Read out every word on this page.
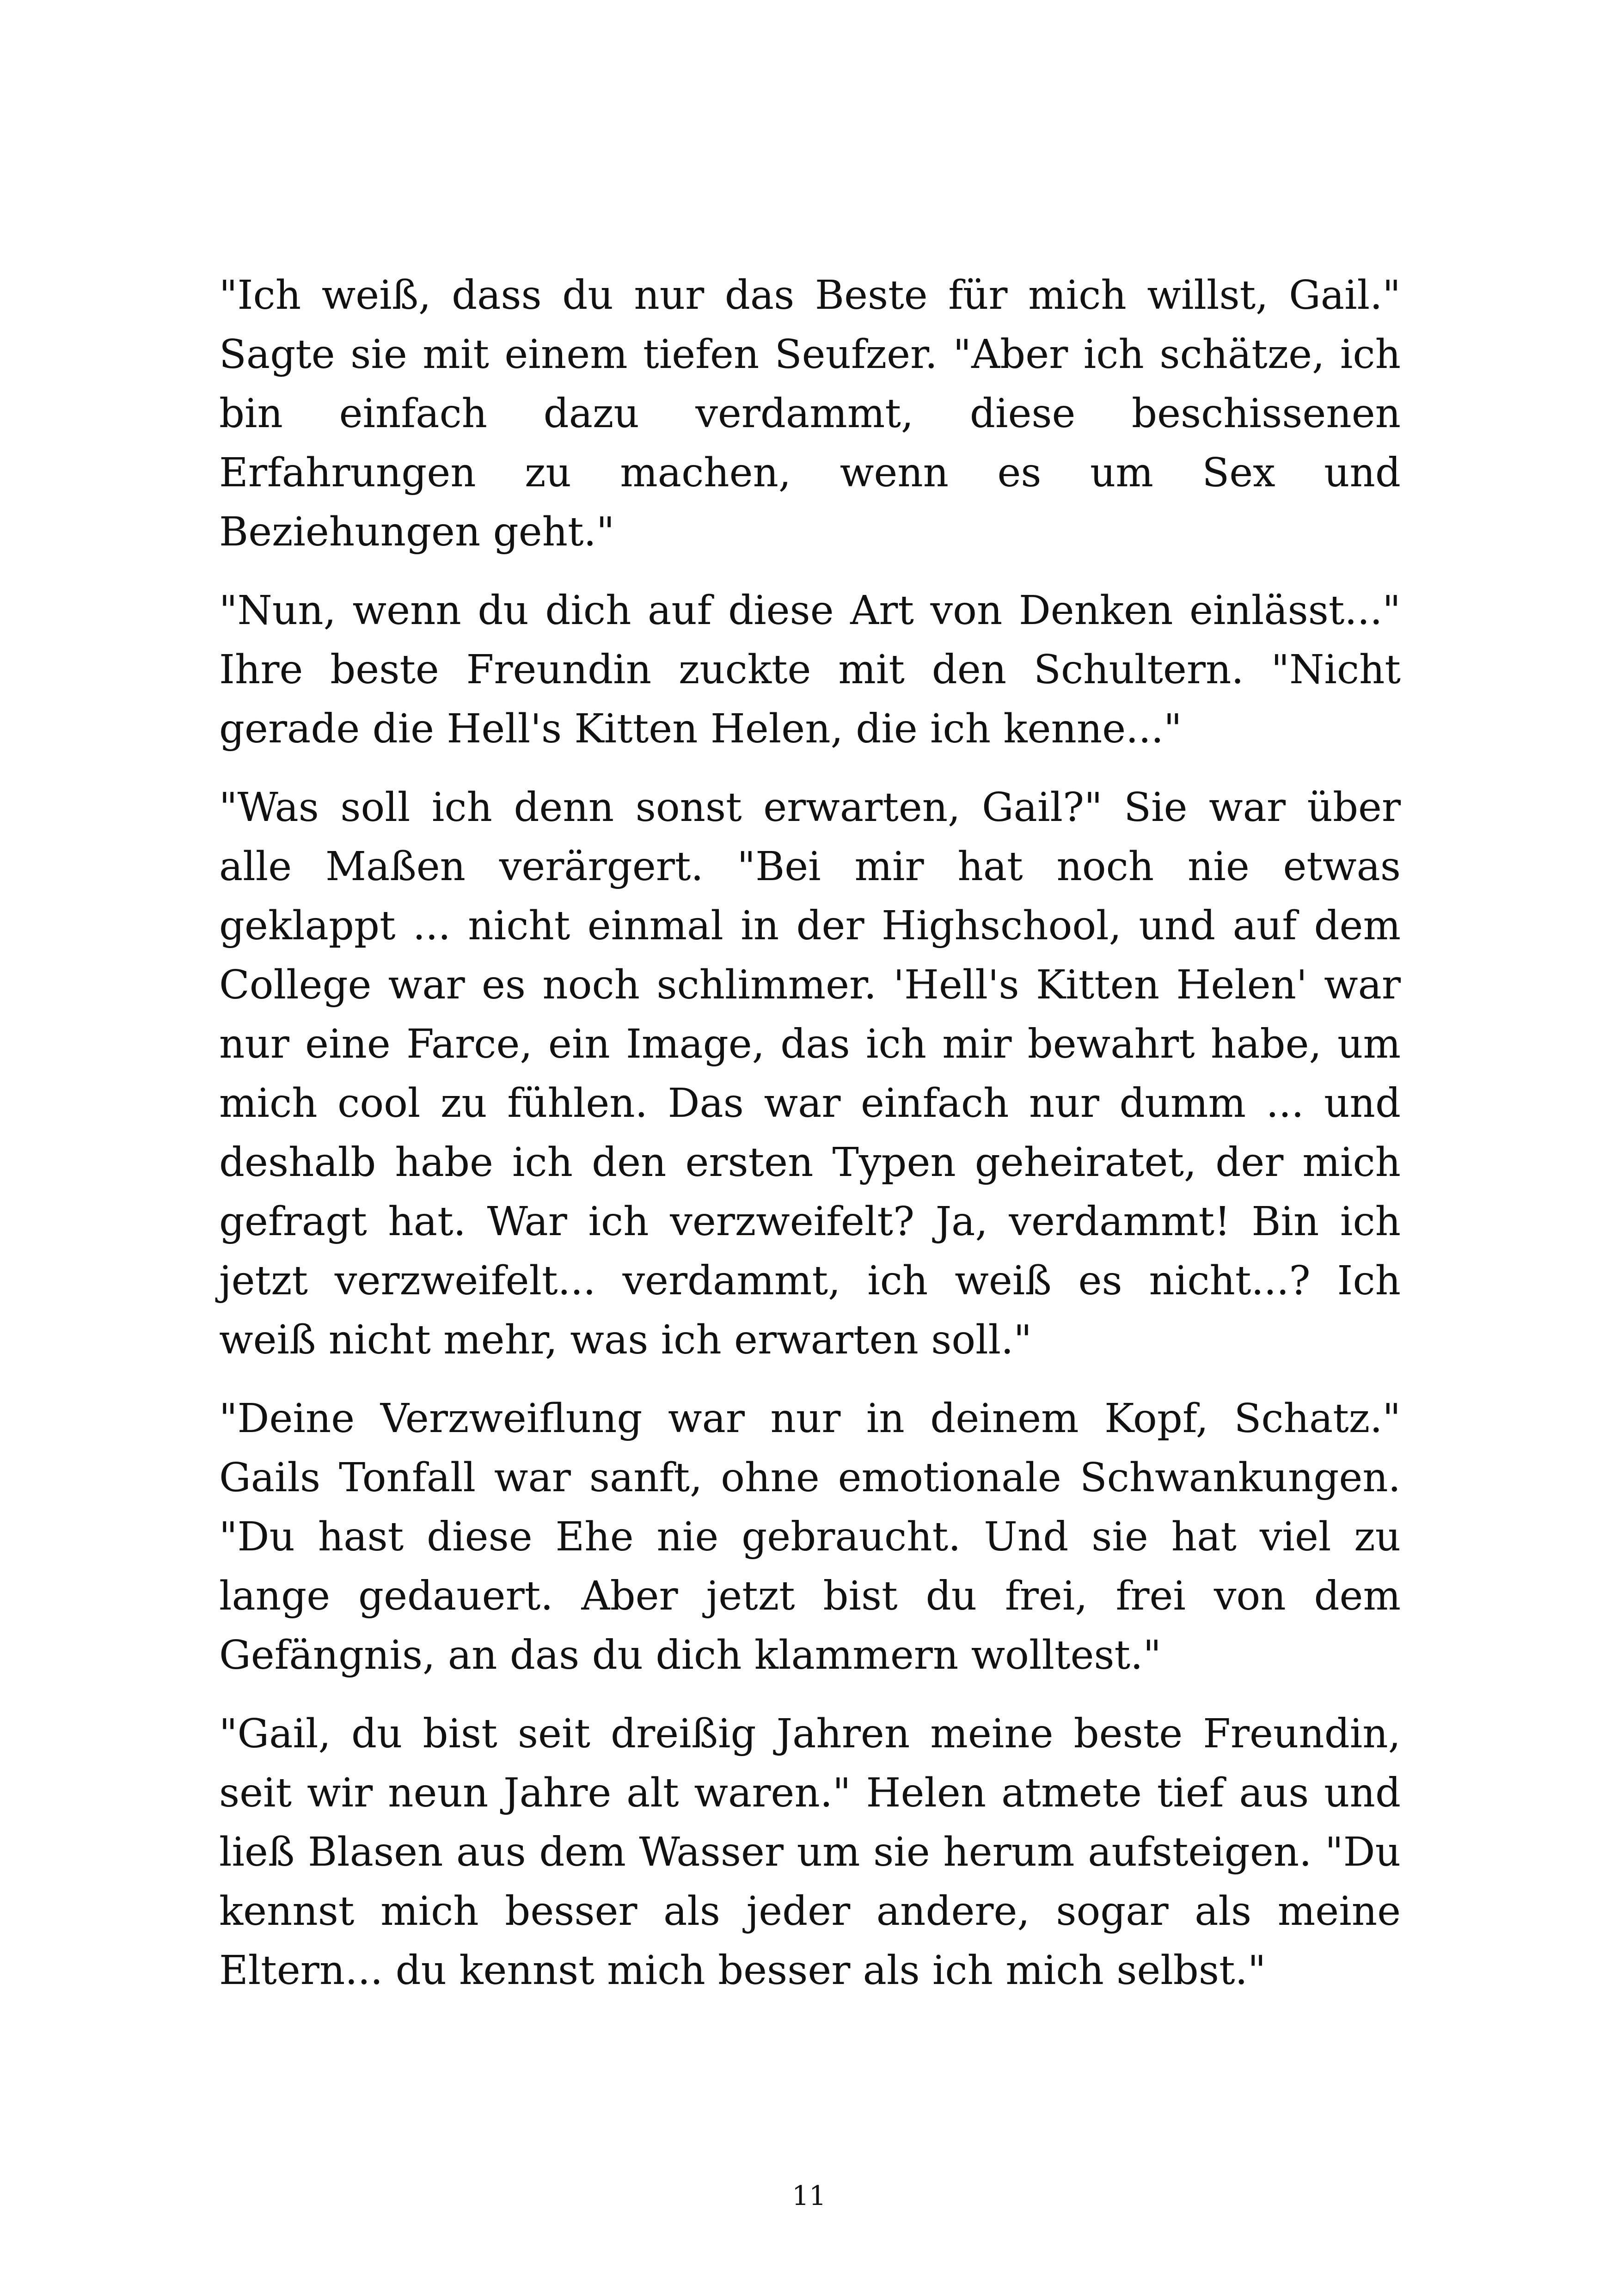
"Ich weiß, dass du nur das Beste für mich willst, Gail." Sagte sie mit einem tiefen Seufzer. "Aber ich schätze, ich bin einfach dazu verdammt, diese beschissenen Erfahrungen zu machen, wenn es um Sex und Beziehungen geht."

"Nun, wenn du dich auf diese Art von Denken einlässt..." Ihre beste Freundin zuckte mit den Schultern. "Nicht gerade die Hell's Kitten Helen, die ich kenne..."

"Was soll ich denn sonst erwarten, Gail?" Sie war über alle Maßen verärgert. "Bei mir hat noch nie etwas geklappt ... nicht einmal in der Highschool, und auf dem College war es noch schlimmer. 'Hell's Kitten Helen' war nur eine Farce, ein Image, das ich mir bewahrt habe, um mich cool zu fühlen. Das war einfach nur dumm ... und deshalb habe ich den ersten Typen geheiratet, der mich gefragt hat. War ich verzweifelt? Ja, verdammt! Bin ich jetzt verzweifelt... verdammt, ich weiß es nicht...? Ich weiß nicht mehr, was ich erwarten soll."

"Deine Verzweiflung war nur in deinem Kopf, Schatz." Gails Tonfall war sanft, ohne emotionale Schwankungen. "Du hast diese Ehe nie gebraucht. Und sie hat viel zu lange gedauert. Aber jetzt bist du frei, frei von dem Gefängnis, an das du dich klammern wolltest."

"Gail, du bist seit dreißig Jahren meine beste Freundin, seit wir neun Jahre alt waren." Helen atmete tief aus und ließ Blasen aus dem Wasser um sie herum aufsteigen. "Du kennst mich besser als jeder andere, sogar als meine Eltern... du kennst mich besser als ich mich selbst."

11
